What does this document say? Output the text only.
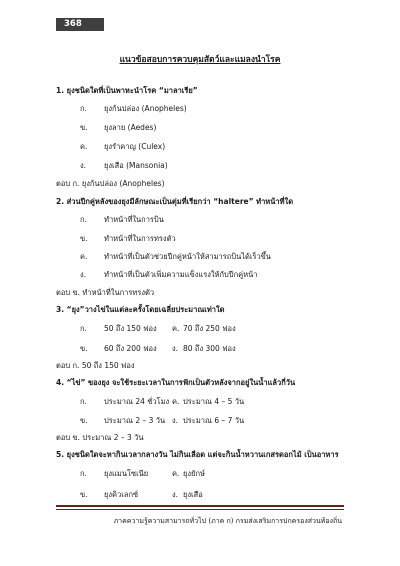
368
แนวข้อสอบการควบคุมสัตว์และแมลงนำโรค
1. ยุงชนิดใดที่เป็นพาหะนำโรค “มาลาเรีย”
ก. ยุงก้นปล่อง (Anopheles)
ข. ยุงลาย (Aedes)
ค. ยุงรำคาญ (Culex)
ง. ยุงเสือ (Mansonia)
ตอบ ก. ยุงก้นปล่อง (Anopheles)
2. ส่วนปีกคู่หลังของยุงมีลักษณะเป็นตุ่มที่เรียกว่า “haltere” ทำหน้าที่ใด
ก. ทำหน้าที่ในการบิน
ข. ทำหน้าที่ในการทรงตัว
ค. ทำหน้าที่เป็นตัวช่วยปีกคู่หน้าให้สามารถบินได้เร็วขึ้น
ง. ทำหน้าที่เป็นตัวเพิ่มความแข็งแรงให้กับปีกคู่หน้า
ตอบ ข. ทำหน้าที่ในการทรงตัว
3. “ยุง”วางไข่ในแต่ละครั้งโดยเฉลี่ยประมาณเท่าใด
ก. 50 ถึง 150 ฟอง ค. 70 ถึง 250 ฟอง
ข. 60 ถึง 200 ฟอง ง. 80 ถึง 300 ฟอง
ตอบ ก. 50 ถึง 150 ฟอง
4. “ไข่” ของยุง จะใช้ระยะเวลาในการฟักเป็นตัวหลังจากอยู่ในน้ำแล้วกี่วัน
ก. ประมาณ 24 ชั่วโมง ค. ประมาณ 4 – 5 วัน
ข. ประมาณ 2 – 3 วัน ง. ประมาณ 6 – 7 วัน
ตอบ ข. ประมาณ 2 – 3 วัน
5. ยุงชนิดใดจะหากินเวลากลางวัน ไม่กินเลือด แต่จะกินน้ำหวานเกสรดอกไม้ เป็นอาหาร
ก. ยุงแมนโซเนีย	ค. ยุงยักษ์
ข. ยุงคิวเลกซ์	ง. ยุงเสือ
ภาคความรู้ความสามารถทั่วไป (ภาค ก) กรมส่งเสริมการปกครองส่วนท้องถิ่น
